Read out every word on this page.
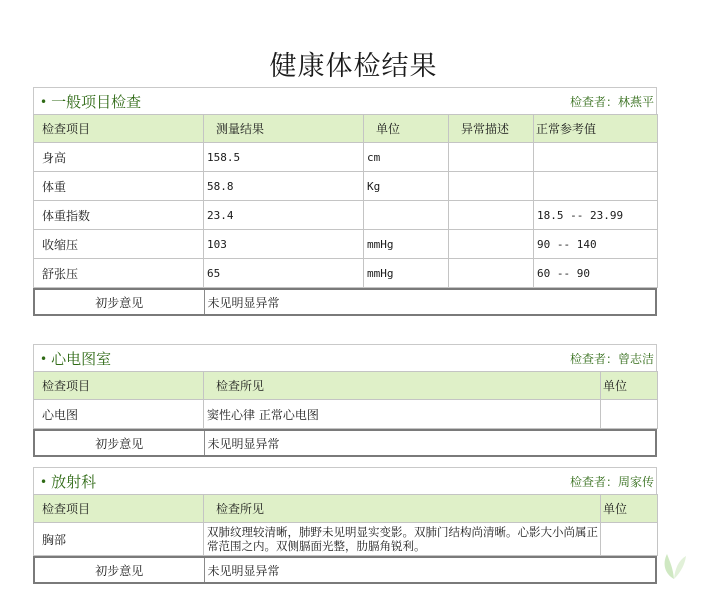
健康体检结果
• 一般项目检查	检查者：林燕平
检查项目	测量结果	单位	异常描述	正常参考值
身高	158.5	cm		
体重	58.8	Kg		
体重指数	23.4			18.5 -- 23.99
收缩压	103	mmHg		90 -- 140
舒张压	65	mmHg		60 -- 90
初步意见	未见明显异常
• 心电图室	检查者：曾志洁
检查项目	检查所见	单位
心电图	窦性心律 正常心电图	
初步意见	未见明显异常
• 放射科	检查者：周家传
检查项目	检查所见	单位
胸部	双肺纹理较清晰，肺野未见明显实变影。双肺门结构尚清晰。心影大小尚属正常范围之内。双侧膈面光整，肋膈角锐利。	
初步意见	未见明显异常
